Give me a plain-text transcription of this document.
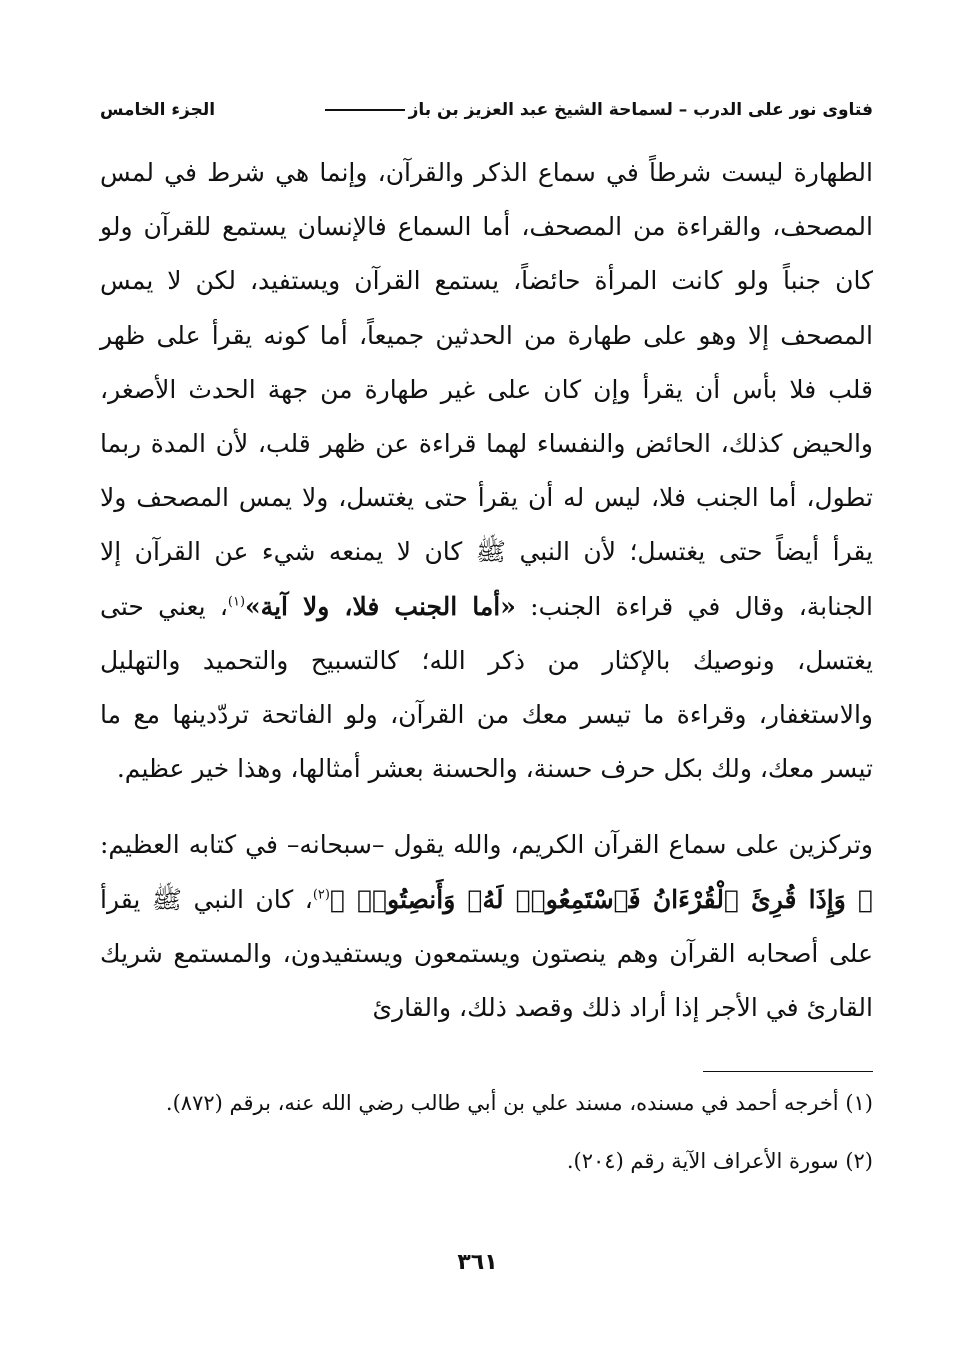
فتاوى نور على الدرب – لسماحة الشيخ عبد العزيز بن باز
الجزء الخامس

الطهارة ليست شرطاً في سماع الذكر والقرآن، وإنما هي شرط في لمس المصحف، والقراءة من المصحف، أما السماع فالإنسان يستمع للقرآن ولو كان جنباً ولو كانت المرأة حائضاً، يستمع القرآن ويستفيد، لكن لا يمس المصحف إلا وهو على طهارة من الحدثين جميعاً، أما كونه يقرأ على ظهر قلب فلا بأس أن يقرأ وإن كان على غير طهارة من جهة الحدث الأصغر، والحيض كذلك، الحائض والنفساء لهما قراءة عن ظهر قلب، لأن المدة ربما تطول، أما الجنب فلا، ليس له أن يقرأ حتى يغتسل، ولا يمس المصحف ولا يقرأ أيضاً حتى يغتسل؛ لأن النبي ﷺ كان لا يمنعه شيء عن القرآن إلا الجنابة، وقال في قراءة الجنب: «أما الجنب فلا، ولا آية»$^{(١)}$، يعني حتى يغتسل، ونوصيك بالإكثار من ذكر الله؛ كالتسبيح والتحميد والتهليل والاستغفار، وقراءة ما تيسر معك من القرآن، ولو الفاتحة تردّدينها مع ما تيسر معك، ولك بكل حرف حسنة، والحسنة بعشر أمثالها، وهذا خير عظيم.

وتركزين على سماع القرآن الكريم، والله يقول –سبحانه– في كتابه العظيم: ﴿ وَإِذَا قُرِئَ ٱلْقُرْءَانُ فَٱسْتَمِعُوا۟ لَهُۥ وَأَنصِتُوا۟ ﴾$^{(٢)}$، كان النبي ﷺ يقرأ على أصحابه القرآن وهم ينصتون ويستمعون ويستفيدون، والمستمع شريك القارئ في الأجر إذا أراد ذلك وقصد ذلك، والقارئ

(١) أخرجه أحمد في مسنده، مسند علي بن أبي طالب رضي الله عنه، برقم (٨٧٢).

(٢) سورة الأعراف الآية رقم (٢٠٤).

٣٦١
